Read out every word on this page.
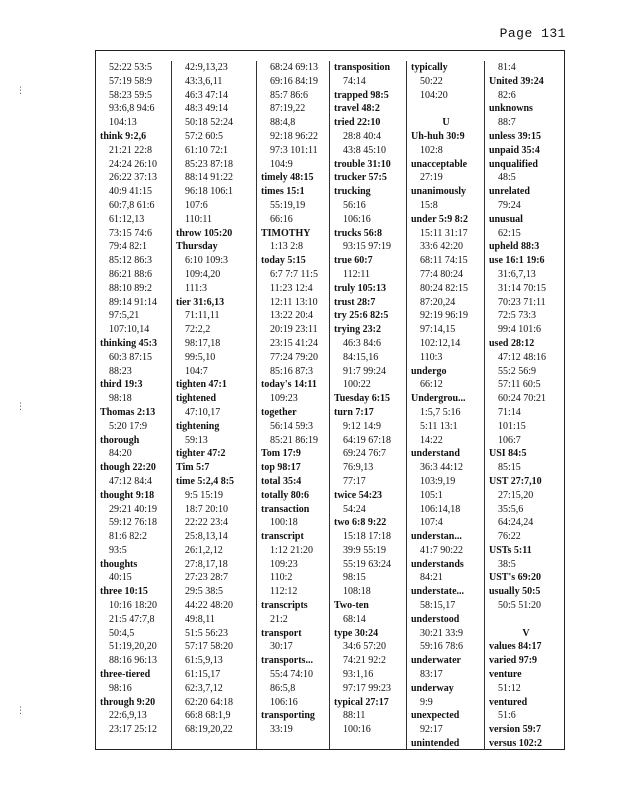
Page 131
⋮
⋮
⋮
52:22 53:5
57:19 58:9
58:23 59:5
93:6,8 94:6
104:13
think 9:2,6
21:21 22:8
24:24 26:10
26:22 37:13
40:9 41:15
60:7,8 61:6
61:12,13
73:15 74:6
79:4 82:1
85:12 86:3
86:21 88:6
88:10 89:2
89:14 91:14
97:5,21
107:10,14
thinking 45:3
60:3 87:15
88:23
third 19:3
98:18
Thomas 2:13
5:20 17:9
thorough
84:20
though 22:20
47:12 84:4
thought 9:18
29:21 40:19
59:12 76:18
81:6 82:2
93:5
thoughts
40:15
three 10:15
10:16 18:20
21:5 47:7,8
50:4,5
51:19,20,20
88:16 96:13
three-tiered
98:16
through 9:20
22:6,9,13
23:17 25:12
42:9,13,23
43:3,6,11
46:3 47:14
48:3 49:14
50:18 52:24
57:2 60:5
61:10 72:1
85:23 87:18
88:14 91:22
96:18 106:1
107:6
110:11
throw 105:20
Thursday
6:10 109:3
109:4,20
111:3
tier 31:6,13
71:11,11
72:2,2
98:17,18
99:5,10
104:7
tighten 47:1
tightened
47:10,17
tightening
59:13
tighter 47:2
Tim 5:7
time 5:2,4 8:5
9:5 15:19
18:7 20:10
22:22 23:4
25:8,13,14
26:1,2,12
27:8,17,18
27:23 28:7
29:5 38:5
44:22 48:20
49:8,11
51:5 56:23
57:17 58:20
61:5,9,13
61:15,17
62:3,7,12
62:20 64:18
66:8 68:1,9
68:19,20,22
68:24 69:13
69:16 84:19
85:7 86:6
87:19,22
88:4,8
92:18 96:22
97:3 101:11
104:9
timely 48:15
times 15:1
55:19,19
66:16
TIMOTHY
1:13 2:8
today 5:15
6:7 7:7 11:5
11:23 12:4
12:11 13:10
13:22 20:4
20:19 23:11
23:15 41:24
77:24 79:20
85:16 87:3
today's 14:11
109:23
together
56:14 59:3
85:21 86:19
Tom 17:9
top 98:17
total 35:4
totally 80:6
transaction
100:18
transcript
1:12 21:20
109:23
110:2
112:12
transcripts
21:2
transport
30:17
transports...
55:4 74:10
86:5,8
106:16
transporting
33:19
transposition
74:14
trapped 98:5
travel 48:2
tried 22:10
28:8 40:4
43:8 45:10
trouble 31:10
trucker 57:5
trucking
56:16
106:16
trucks 56:8
93:15 97:19
true 60:7
112:11
truly 105:13
trust 28:7
try 25:6 82:5
trying 23:2
46:3 84:6
84:15,16
91:7 99:24
100:22
Tuesday 6:15
turn 7:17
9:12 14:9
64:19 67:18
69:24 76:7
76:9,13
77:17
twice 54:23
54:24
two 6:8 9:22
15:18 17:18
39:9 55:19
55:19 63:24
98:15
108:18
Two-ten
68:14
type 30:24
34:6 57:20
74:21 92:2
93:1,16
97:17 99:23
typical 27:17
88:11
100:16
typically
50:22
104:20
U
Uh-huh 30:9
102:8
unacceptable
27:19
unanimously
15:8
under 5:9 8:2
15:11 31:17
33:6 42:20
68:11 74:15
77:4 80:24
80:24 82:15
87:20,24
92:19 96:19
97:14,15
102:12,14
110:3
undergo
66:12
Undergrou...
1:5,7 5:16
5:11 13:1
14:22
understand
36:3 44:12
103:9,19
105:1
106:14,18
107:4
understan...
41:7 90:22
understands
84:21
understate...
58:15,17
understood
30:21 33:9
59:16 78:6
underwater
83:17
underway
9:9
unexpected
92:17
unintended
81:4
United 39:24
82:6
unknowns
88:7
unless 39:15
unpaid 35:4
unqualified
48:5
unrelated
79:24
unusual
62:15
upheld 88:3
use 16:1 19:6
31:6,7,13
31:14 70:15
70:23 71:11
72:5 73:3
99:4 101:6
used 28:12
47:12 48:16
55:2 56:9
57:11 60:5
60:24 70:21
71:14
101:15
106:7
USI 84:5
85:15
UST 27:7,10
27:15,20
35:5,6
64:24,24
76:22
USTs 5:11
38:5
UST's 69:20
usually 50:5
50:5 51:20
V
values 84:17
varied 97:9
venture
51:12
ventured
51:6
version 59:7
versus 102:2
